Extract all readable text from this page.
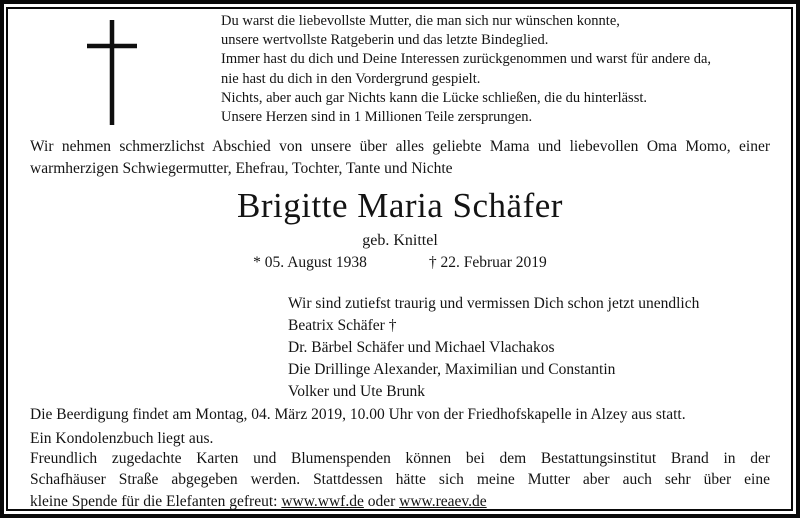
Du warst die liebevollste Mutter, die man sich nur wünschen konnte,
unsere wertvollste Ratgeberin und das letzte Bindeglied.
Immer hast du dich und Deine Interessen zurückgenommen und warst für andere da,
nie hast du dich in den Vordergrund gespielt.
Nichts, aber auch gar Nichts kann die Lücke schließen, die du hinterlässt.
Unsere Herzen sind in 1 Millionen Teile zersprungen.
Wir nehmen schmerzlichst Abschied von unsere über alles geliebte Mama und liebevollen Oma Momo, einer
warmherzigen Schwiegermutter, Ehefrau, Tochter, Tante und Nichte
Brigitte Maria Schäfer
geb. Knittel
* 05. August 1938	† 22. Februar 2019
Wir sind zutiefst traurig und vermissen Dich schon jetzt unendlich
Beatrix Schäfer †
Dr. Bärbel Schäfer und Michael Vlachakos
Die Drillinge Alexander, Maximilian und Constantin
Volker und Ute Brunk
Die Beerdigung findet am Montag, 04. März 2019, 10.00 Uhr von der Friedhofskapelle in Alzey aus statt.
Ein Kondolenzbuch liegt aus.
Freundlich zugedachte Karten und Blumenspenden können bei dem Bestattungsinstitut Brand in der
Schafhäuser Straße abgegeben werden. Stattdessen hätte sich meine Mutter aber auch sehr über eine
kleine Spende für die Elefanten gefreut: www.wwf.de oder www.reaev.de
